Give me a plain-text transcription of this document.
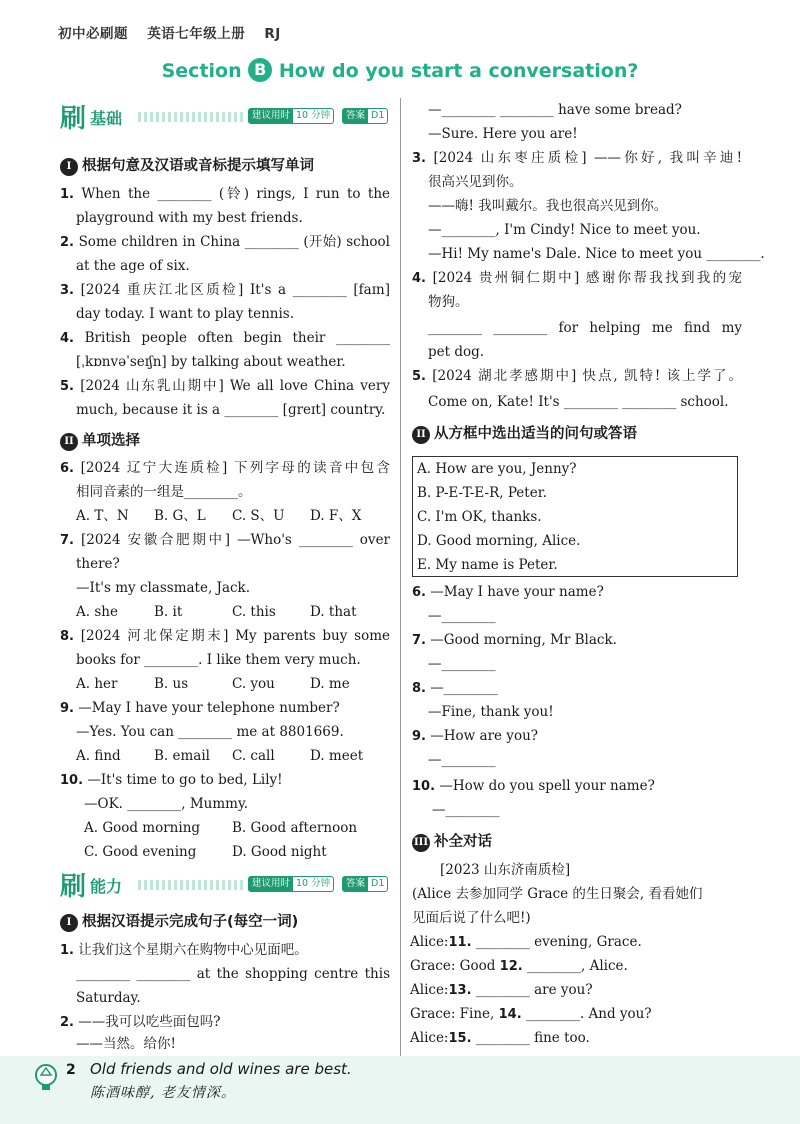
初中必刷题 英语七年级上册 RJ
Section B How do you start a conversation?
刷 基础	建议用时 10 分钟	答案 D1
I 根据句意及汉语或音标提示填写单词
1. When the ________ (铃) rings, I run to the
playground with my best friends.
2. Some children in China ________ (开始) school
at the age of six.
3. [2024 重庆江北区质检] It's a ________ [faɪn]
day today. I want to play tennis.
4. British people often begin their ________
[ˌkɒnvəˈseɪʃn] by talking about weather.
5. [2024 山东乳山期中] We all love China very
much, because it is a ________ [ɡreɪt] country.
II 单项选择
6. [2024 辽宁大连质检] 下列字母的读音中包含
相同音素的一组是________。
A. T、N B. G、L C. S、U D. F、X
7. [2024 安徽合肥期中] —Who's ________ over
there?
—It's my classmate, Jack.
A. she	B. it	C. this	D. that
8. [2024 河北保定期末] My parents buy some
books for ________. I like them very much.
A. her	B. us	C. you	D. me
9. —May I have your telephone number?
—Yes. You can ________ me at 8801669.
A. find B. email C. call	D. meet
10. —It's time to go to bed, Lily!
—OK. ________, Mummy.
A. Good morning B. Good afternoon
C. Good evening	D. Good night
刷 能力	建议用时 10 分钟	答案 D1
I 根据汉语提示完成句子(每空一词)
1. 让我们这个星期六在购物中心见面吧。
________ ________ at the shopping centre this
Saturday.
2. ——我可以吃些面包吗?
——当然。给你!
—________ ________ have some bread?
—Sure. Here you are!
3. [2024 山东枣庄质检] ——你好, 我叫辛迪!
很高兴见到你。
——嗨! 我叫戴尔。我也很高兴见到你。
—________, I'm Cindy! Nice to meet you.
—Hi! My name's Dale. Nice to meet you ________.
4. [2024 贵州铜仁期中] 感谢你帮我找到我的宠
物狗。
________ ________ for helping me find my
pet dog.
5. [2024 湖北孝感期中] 快点, 凯特! 该上学了。
Come on, Kate! It's ________ ________ school.
II 从方框中选出适当的问句或答语
A. How are you, Jenny?
B. P-E-T-E-R, Peter.
C. I'm OK, thanks.
D. Good morning, Alice.
E. My name is Peter.
6. —May I have your name?
—________
7. —Good morning, Mr Black.
—________
8. —________
—Fine, thank you!
9. —How are you?
—________
10. —How do you spell your name?
—________
III 补全对话
[2023 山东济南质检]
(Alice 去参加同学 Grace 的生日聚会, 看看她们
见面后说了什么吧!)
Alice:11. ________ evening, Grace.
Grace: Good 12. ________, Alice.
Alice:13. ________ are you?
Grace: Fine, 14. ________. And you?
Alice:15. ________ fine too.
2 Old friends and old wines are best.
陈酒味醇, 老友情深。
